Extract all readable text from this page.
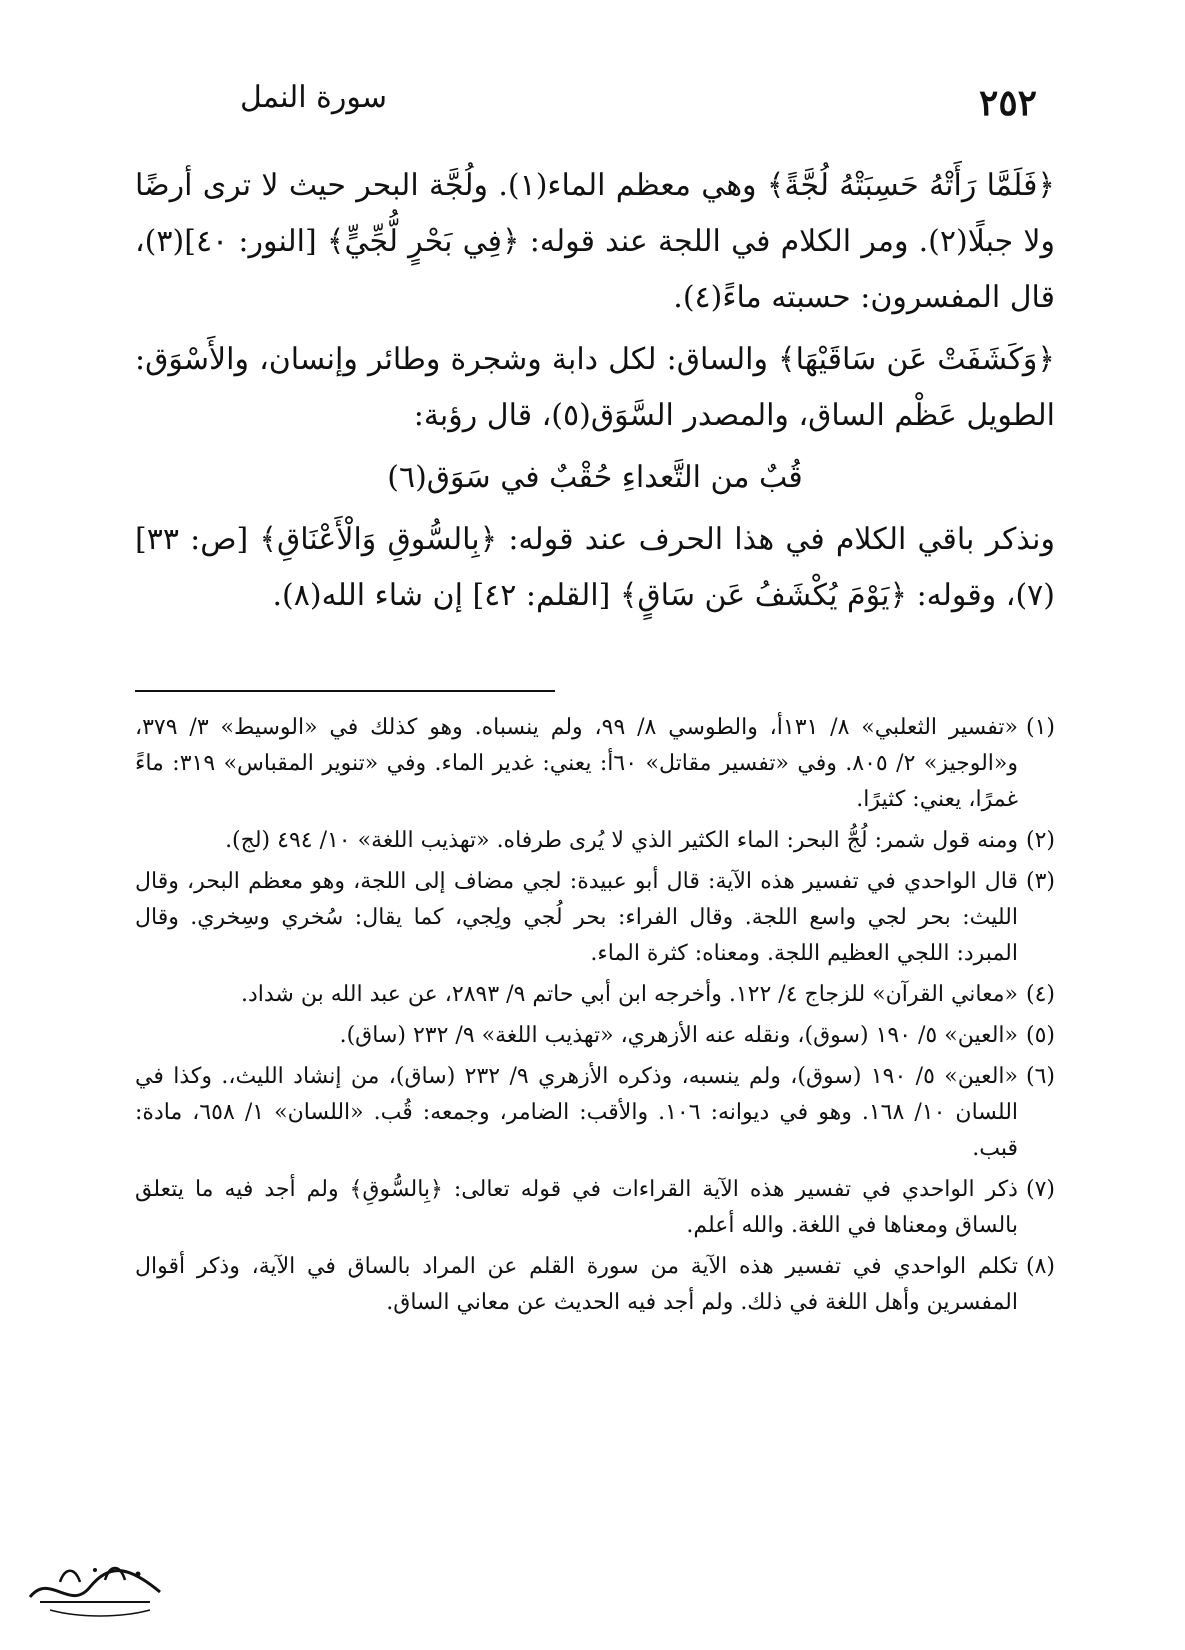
٢٥٢
سورة النمل

﴿فَلَمَّا رَأَتْهُ حَسِبَتْهُ لُجَّةً﴾ وهي معظم الماء(١). ولُجَّة البحر حيث لا ترى أرضًا ولا جبلًا(٢). ومر الكلام في اللجة عند قوله: ﴿فِي بَحْرٍ لُّجِّيٍّ﴾ [النور: ٤٠](٣)، قال المفسرون: حسبته ماءً(٤).

﴿وَكَشَفَتْ عَن سَاقَيْهَا﴾ والساق: لكل دابة وشجرة وطائر وإنسان، والأَسْوَق: الطويل عَظْم الساق، والمصدر السَّوَق(٥)، قال رؤبة:

قُبٌ من التَّعداءِ حُقْبٌ في سَوَق(٦)

ونذكر باقي الكلام في هذا الحرف عند قوله: ﴿بِالسُّوقِ وَالْأَعْنَاقِ﴾ [ص: ٣٣](٧)، وقوله: ﴿يَوْمَ يُكْشَفُ عَن سَاقٍ﴾ [القلم: ٤٢] إن شاء الله(٨).

(١)
«تفسير الثعلبي» ٨/ ١٣١أ، والطوسي ٨/ ٩٩، ولم ينسباه. وهو كذلك في «الوسيط» ٣/ ٣٧٩، و«الوجيز» ٢/ ٨٠٥. وفي «تفسير مقاتل» ٦٠أ: يعني: غدير الماء. وفي «تنوير المقباس» ٣١٩: ماءً غمرًا، يعني: كثيرًا.
(٢)
ومنه قول شمر: لُجُّ البحر: الماء الكثير الذي لا يُرى طرفاه. «تهذيب اللغة» ١٠/ ٤٩٤ (لج).
(٣)
قال الواحدي في تفسير هذه الآية: قال أبو عبيدة: لجي مضاف إلى اللجة، وهو معظم البحر، وقال الليث: بحر لجي واسع اللجة. وقال الفراء: بحر لُجي ولِجي، كما يقال: سُخري وسِخري. وقال المبرد: اللجي العظيم اللجة. ومعناه: كثرة الماء.
(٤)
«معاني القرآن» للزجاج ٤/ ١٢٢. وأخرجه ابن أبي حاتم ٩/ ٢٨٩٣، عن عبد الله بن شداد.
(٥)
«العين» ٥/ ١٩٠ (سوق)، ونقله عنه الأزهري، «تهذيب اللغة» ٩/ ٢٣٢ (ساق).
(٦)
«العين» ٥/ ١٩٠ (سوق)، ولم ينسبه، وذكره الأزهري ٩/ ٢٣٢ (ساق)، من إنشاد الليث،. وكذا في اللسان ١٠/ ١٦٨. وهو في ديوانه: ١٠٦. والأقب: الضامر، وجمعه: قُب. «اللسان» ١/ ٦٥٨، مادة: قبب.
(٧)
ذكر الواحدي في تفسير هذه الآية القراءات في قوله تعالى: ﴿بِالسُّوقِ﴾ ولم أجد فيه ما يتعلق بالساق ومعناها في اللغة. والله أعلم.
(٨)
تكلم الواحدي في تفسير هذه الآية من سورة القلم عن المراد بالساق في الآية، وذكر أقوال المفسرين وأهل اللغة في ذلك. ولم أجد فيه الحديث عن معاني الساق.
